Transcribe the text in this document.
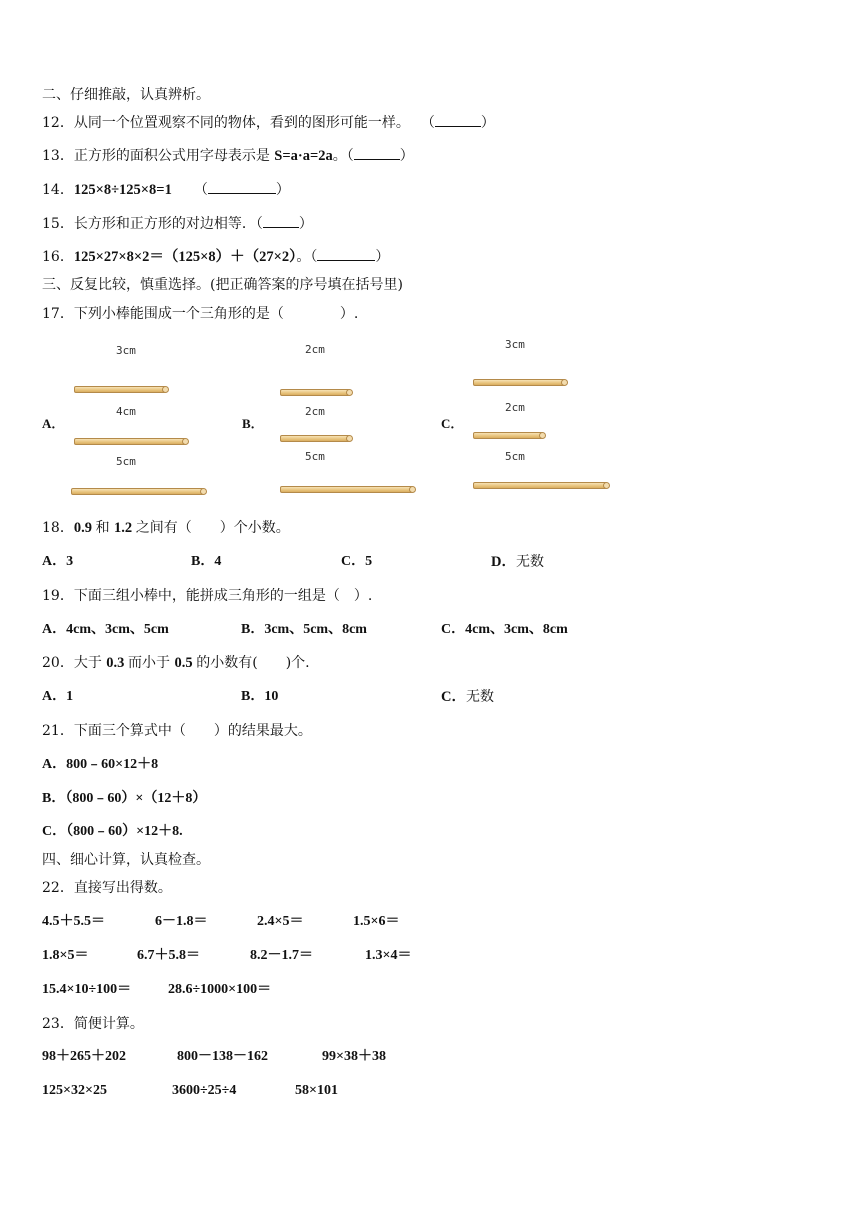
二、仔细推敲，认真辨析。
12．从同一个位置观察不同的物体，看到的图形可能一样。 （	）
13．正方形的面积公式用字母表示是 S=a·a=2a。（	）
14．125×8÷125×8=1 （	）
15．长方形和正方形的对边相等．（	）
16．125×27×8×2＝（125×8）＋（27×2）。（	）
三、反复比较，慎重选择。(把正确答案的序号填在括号里)
17．下列小棒能围成一个三角形的是（	）.
A．
3cm
4cm
5cm
B．
2cm
2cm
5cm
C．
3cm
2cm
5cm
18．0.9 和 1.2 之间有（　　）个小数。
A．3	B．4	C．5	D．无数
19．下面三组小棒中，能拼成三角形的一组是（　）.
A．4cm、3cm、5cm	B．3cm、5cm、8cm	C．4cm、3cm、8cm
20．大于 0.3 而小于 0.5 的小数有(　　)个.
A．1	B．10	C．无数
21．下面三个算式中（　　）的结果最大。
A．800﹣60×12＋8
B．（800﹣60）×（12＋8）
C．（800﹣60）×12＋8.
四、细心计算，认真检查。
22．直接写出得数。
4.5＋5.5＝	6－1.8＝	2.4×5＝	1.5×6＝
1.8×5＝	6.7＋5.8＝	8.2－1.7＝	1.3×4＝
15.4×10÷100＝	28.6÷1000×100＝
23．简便计算。
98＋265＋202	800－138－162	99×38＋38
125×32×25	3600÷25÷4	58×101
